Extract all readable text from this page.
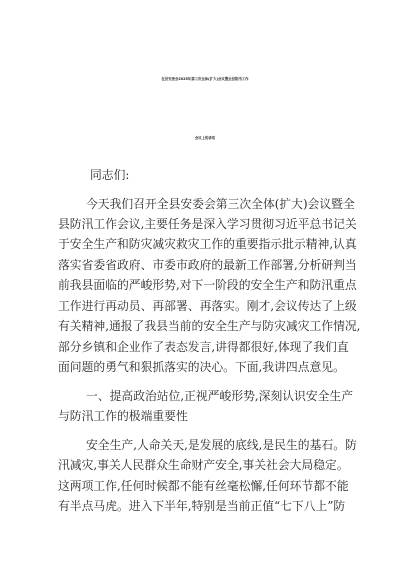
在县安委会2025年第三次全体(扩大)会议暨全县防汛工作
会议上的讲话
同志们:
今天我们召开全县安委会第三次全体(扩大)会议暨全
县防汛工作会议,主要任务是深入学习贯彻习近平总书记关
于安全生产和防灾减灾救灾工作的重要指示批示精神,认真
落实省委省政府、市委市政府的最新工作部署,分析研判当
前我县面临的严峻形势,对下一阶段的安全生产和防汛重点
工作进行再动员、再部署、再落实。刚才,会议传达了上级
有关精神,通报了我县当前的安全生产与防灾减灾工作情况,
部分乡镇和企业作了表态发言,讲得都很好,体现了我们直
面问题的勇气和狠抓落实的决心。下面,我讲四点意见。
一、提高政治站位,正视严峻形势,深刻认识安全生产
与防汛工作的极端重要性
安全生产,人命关天,是发展的底线,是民生的基石。防
汛减灾,事关人民群众生命财产安全,事关社会大局稳定。
这两项工作,任何时候都不能有丝毫松懈,任何环节都不能
有半点马虎。进入下半年,特别是当前正值“七下八上”防
